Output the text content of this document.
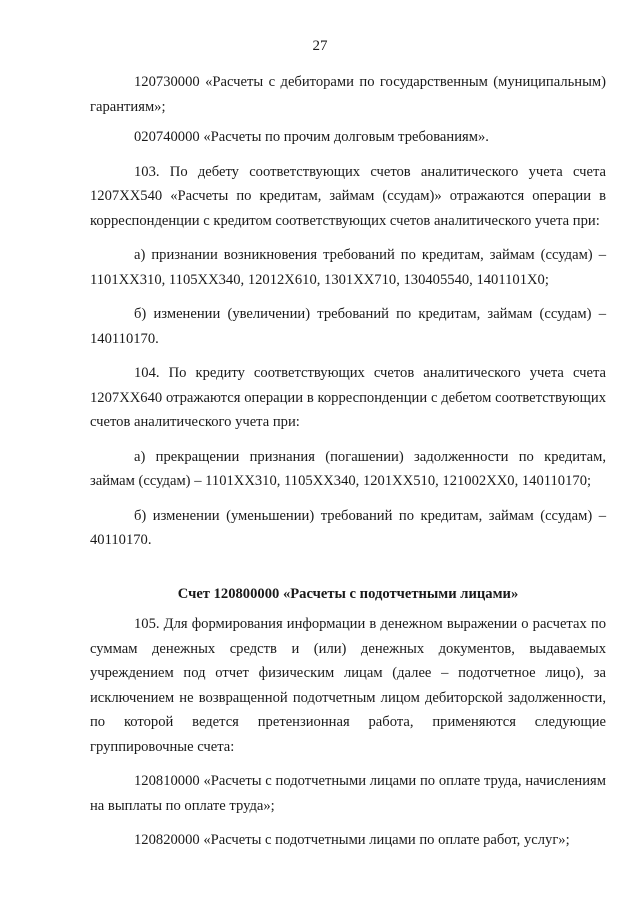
27

120730000 «Расчеты с дебиторами по государственным (муниципальным) гарантиям»;

020740000 «Расчеты по прочим долговым требованиям».

103. По дебету соответствующих счетов аналитического учета счета 1207ХХ540 «Расчеты по кредитам, займам (ссудам)» отражаются операции в корреспонденции с кредитом соответствующих счетов аналитического учета при:

а) признании возникновения требований по кредитам, займам (ссудам) – 1101ХХ310, 1105ХХ340, 12012Х610, 1301ХХ710, 130405540, 1401101Х0;

б) изменении (увеличении) требований по кредитам, займам (ссудам) – 140110170.

104. По кредиту соответствующих счетов аналитического учета счета 1207ХХ640 отражаются операции в корреспонденции с дебетом соответствующих счетов аналитического учета при:

а) прекращении признания (погашении) задолженности по кредитам, займам (ссудам) – 1101ХХ310, 1105ХХ340, 1201ХХ510, 121002ХХ0, 140110170;

б) изменении (уменьшении) требований по кредитам, займам (ссудам) – 40110170.

Счет 120800000 «Расчеты с подотчетными лицами»

105. Для формирования информации в денежном выражении о расчетах по суммам денежных средств и (или) денежных документов, выдаваемых учреждением под отчет физическим лицам (далее – подотчетное лицо), за исключением не возвращенной подотчетным лицом дебиторской задолженности, по которой ведется претензионная работа, применяются следующие группировочные счета:

120810000 «Расчеты с подотчетными лицами по оплате труда, начислениям на выплаты по оплате труда»;

120820000 «Расчеты с подотчетными лицами по оплате работ, услуг»;
